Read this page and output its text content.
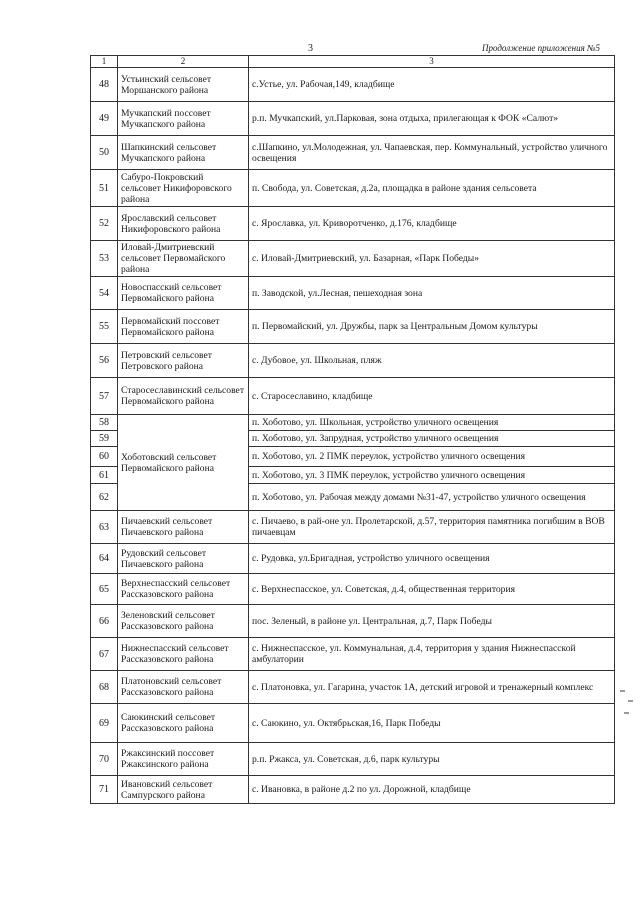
3	Продолжение приложения №5
1	2	3
48	Устьинский сельсовет Моршанского района	с.Устье, ул. Рабочая,149, кладбище
49	Мучкапский поссовет Мучкапского района	р.п. Мучкапский, ул.Парковая, зона отдыха, прилегающая к ФОК «Салют»
50	Шапкинский сельсовет Мучкапского района	с.Шапкино, ул.Молодежная, ул. Чапаевская, пер. Коммунальный, устройство уличного освещения
51	Сабуро-Покровский сельсовет Никифоровского района	п. Свобода, ул. Советская, д.2а, площадка в районе здания сельсовета
52	Ярославский сельсовет Никифоровского района	с. Ярославка, ул. Криворотченко, д.176, кладбище
53	Иловай-Дмитриевский сельсовет Первомайского района	с. Иловай-Дмитриевский, ул. Базарная, «Парк Победы»
54	Новоспасский сельсовет Первомайского района	п. Заводской, ул.Лесная, пешеходная зона
55	Первомайский поссовет Первомайского района	п. Первомайский, ул. Дружбы, парк за Центральным Домом культуры
56	Петровский сельсовет Петровского района	с. Дубовое, ул. Школьная, пляж
57	Старосеславинский сельсовет Первомайского района	с. Старосеславино, кладбище
58	Хоботовский сельсовет Первомайского района	п. Хоботово, ул. Школьная, устройство уличного освещения
59		п. Хоботово, ул. Запрудная, устройство уличного освещения
60		п. Хоботово, ул. 2 ПМК переулок, устройство уличного освещения
61		п. Хоботово, ул. 3 ПМК переулок, устройство уличного освещения
62		п. Хоботово, ул. Рабочая между домами №31-47, устройство уличного освещения
63	Пичаевский сельсовет Пичаевского района	с. Пичаево, в рай-оне ул. Пролетарской, д.57, территория памятника погибшим в ВОВ пичаевцам
64	Рудовский сельсовет Пичаевского района	с. Рудовка, ул.Бригадная, устройство уличного освещения
65	Верхнеспасский сельсовет Рассказовского района	с. Верхнеспасское, ул. Советская, д.4, общественная территория
66	Зеленовский сельсовет Рассказовского района	пос. Зеленый, в районе ул. Центральная, д.7, Парк Победы
67	Нижнеспасский сельсовет Рассказовского района	с. Нижнеспасское, ул. Коммунальная, д.4, территория у здания Нижнеспасской амбулатории
68	Платоновский сельсовет Рассказовского района	с. Платоновка, ул. Гагарина, участок 1А, детский игровой и тренажерный комплекс
69	Саюкинский сельсовет Рассказовского района	с. Саюкино, ул. Октябрьская,16, Парк Победы
70	Ржаксинский поссовет Ржаксинского района	р.п. Ржакса, ул. Советская, д.6, парк культуры
71	Ивановский сельсовет Сампурского района	с. Ивановка, в районе д.2 по ул. Дорожной, кладбище
